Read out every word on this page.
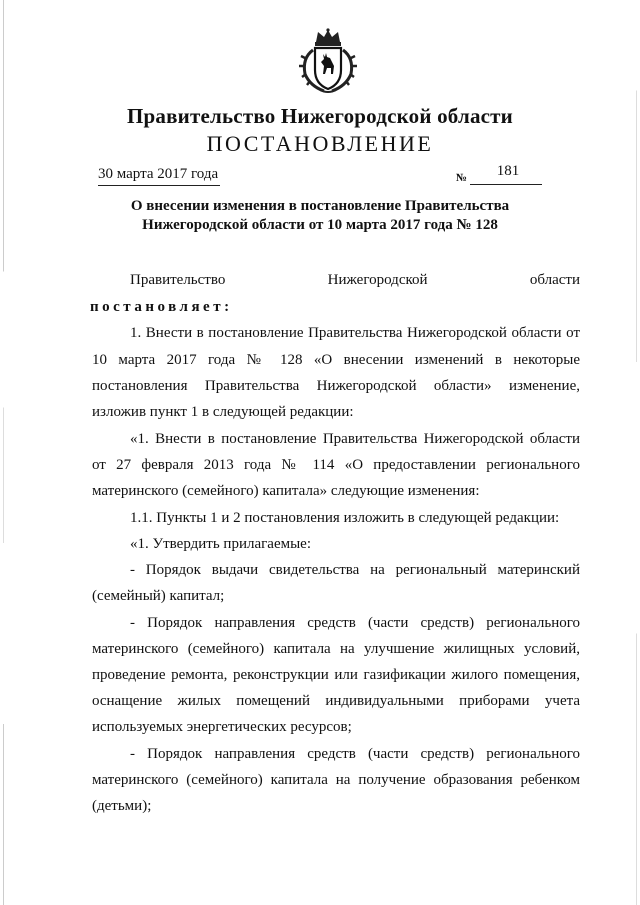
Правительство Нижегородской области
ПОСТАНОВЛЕНИЕ
30 марта 2017 года	№	181
О внесении изменения в постановление Правительства
Нижегородской области от 10 марта 2017 года № 128
Правительство	Нижегородской	области
постановляет:
1. Внести в постановление Правительства Нижегородской области от
10 марта 2017 года № 128 «О внесении изменений в некоторые
постановления Правительства Нижегородской области» изменение,
изложив пункт 1 в следующей редакции:
«1. Внести в постановление Правительства Нижегородской области
от 27 февраля 2013 года № 114 «О предоставлении регионального
материнского (семейного) капитала» следующие изменения:
1.1. Пункты 1 и 2 постановления изложить в следующей редакции:
«1. Утвердить прилагаемые:
- Порядок выдачи свидетельства на региональный материнский
(семейный) капитал;
- Порядок направления средств (части средств) регионального
материнского (семейного) капитала на улучшение жилищных условий,
проведение ремонта, реконструкции или газификации жилого помещения,
оснащение жилых помещений индивидуальными приборами учета
используемых энергетических ресурсов;
- Порядок направления средств (части средств) регионального
материнского (семейного) капитала на получение образования ребенком
(детьми);
